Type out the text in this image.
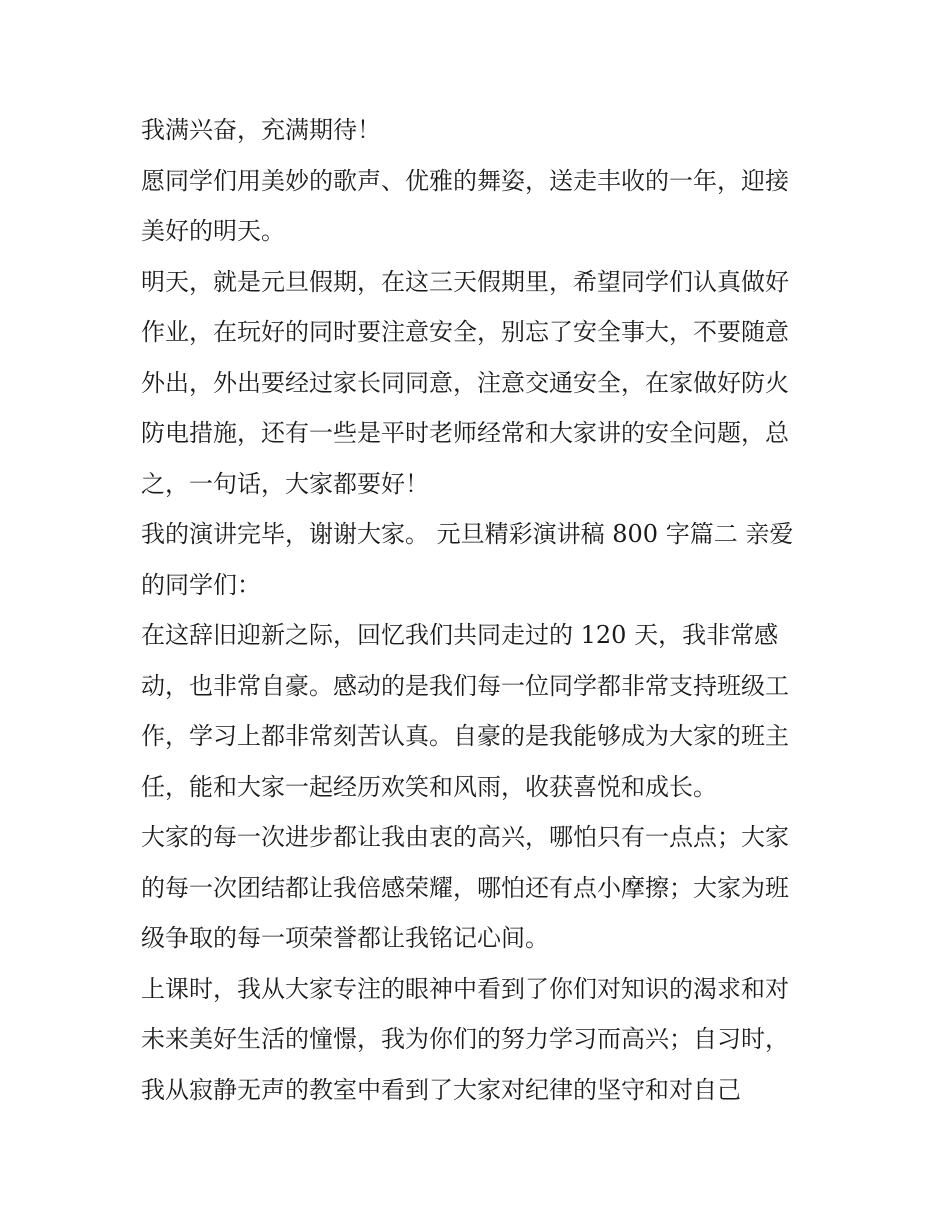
我满兴奋，充满期待！
愿同学们用美妙的歌声、优雅的舞姿，送走丰收的一年，迎接
美好的明天。
明天，就是元旦假期，在这三天假期里，希望同学们认真做好
作业，在玩好的同时要注意安全，别忘了安全事大，不要随意
外出，外出要经过家长同同意，注意交通安全，在家做好防火
防电措施，还有一些是平时老师经常和大家讲的安全问题，总
之，一句话，大家都要好！
我的演讲完毕，谢谢大家。 元旦精彩演讲稿 800 字篇二 亲爱
的同学们：
在这辞旧迎新之际，回忆我们共同走过的 120 天，我非常感
动，也非常自豪。感动的是我们每一位同学都非常支持班级工
作，学习上都非常刻苦认真。自豪的是我能够成为大家的班主
任，能和大家一起经历欢笑和风雨，收获喜悦和成长。
大家的每一次进步都让我由衷的高兴，哪怕只有一点点；大家
的每一次团结都让我倍感荣耀，哪怕还有点小摩擦；大家为班
级争取的每一项荣誉都让我铭记心间。
上课时，我从大家专注的眼神中看到了你们对知识的渴求和对
未来美好生活的憧憬，我为你们的努力学习而高兴；自习时，
我从寂静无声的教室中看到了大家对纪律的坚守和对自己
